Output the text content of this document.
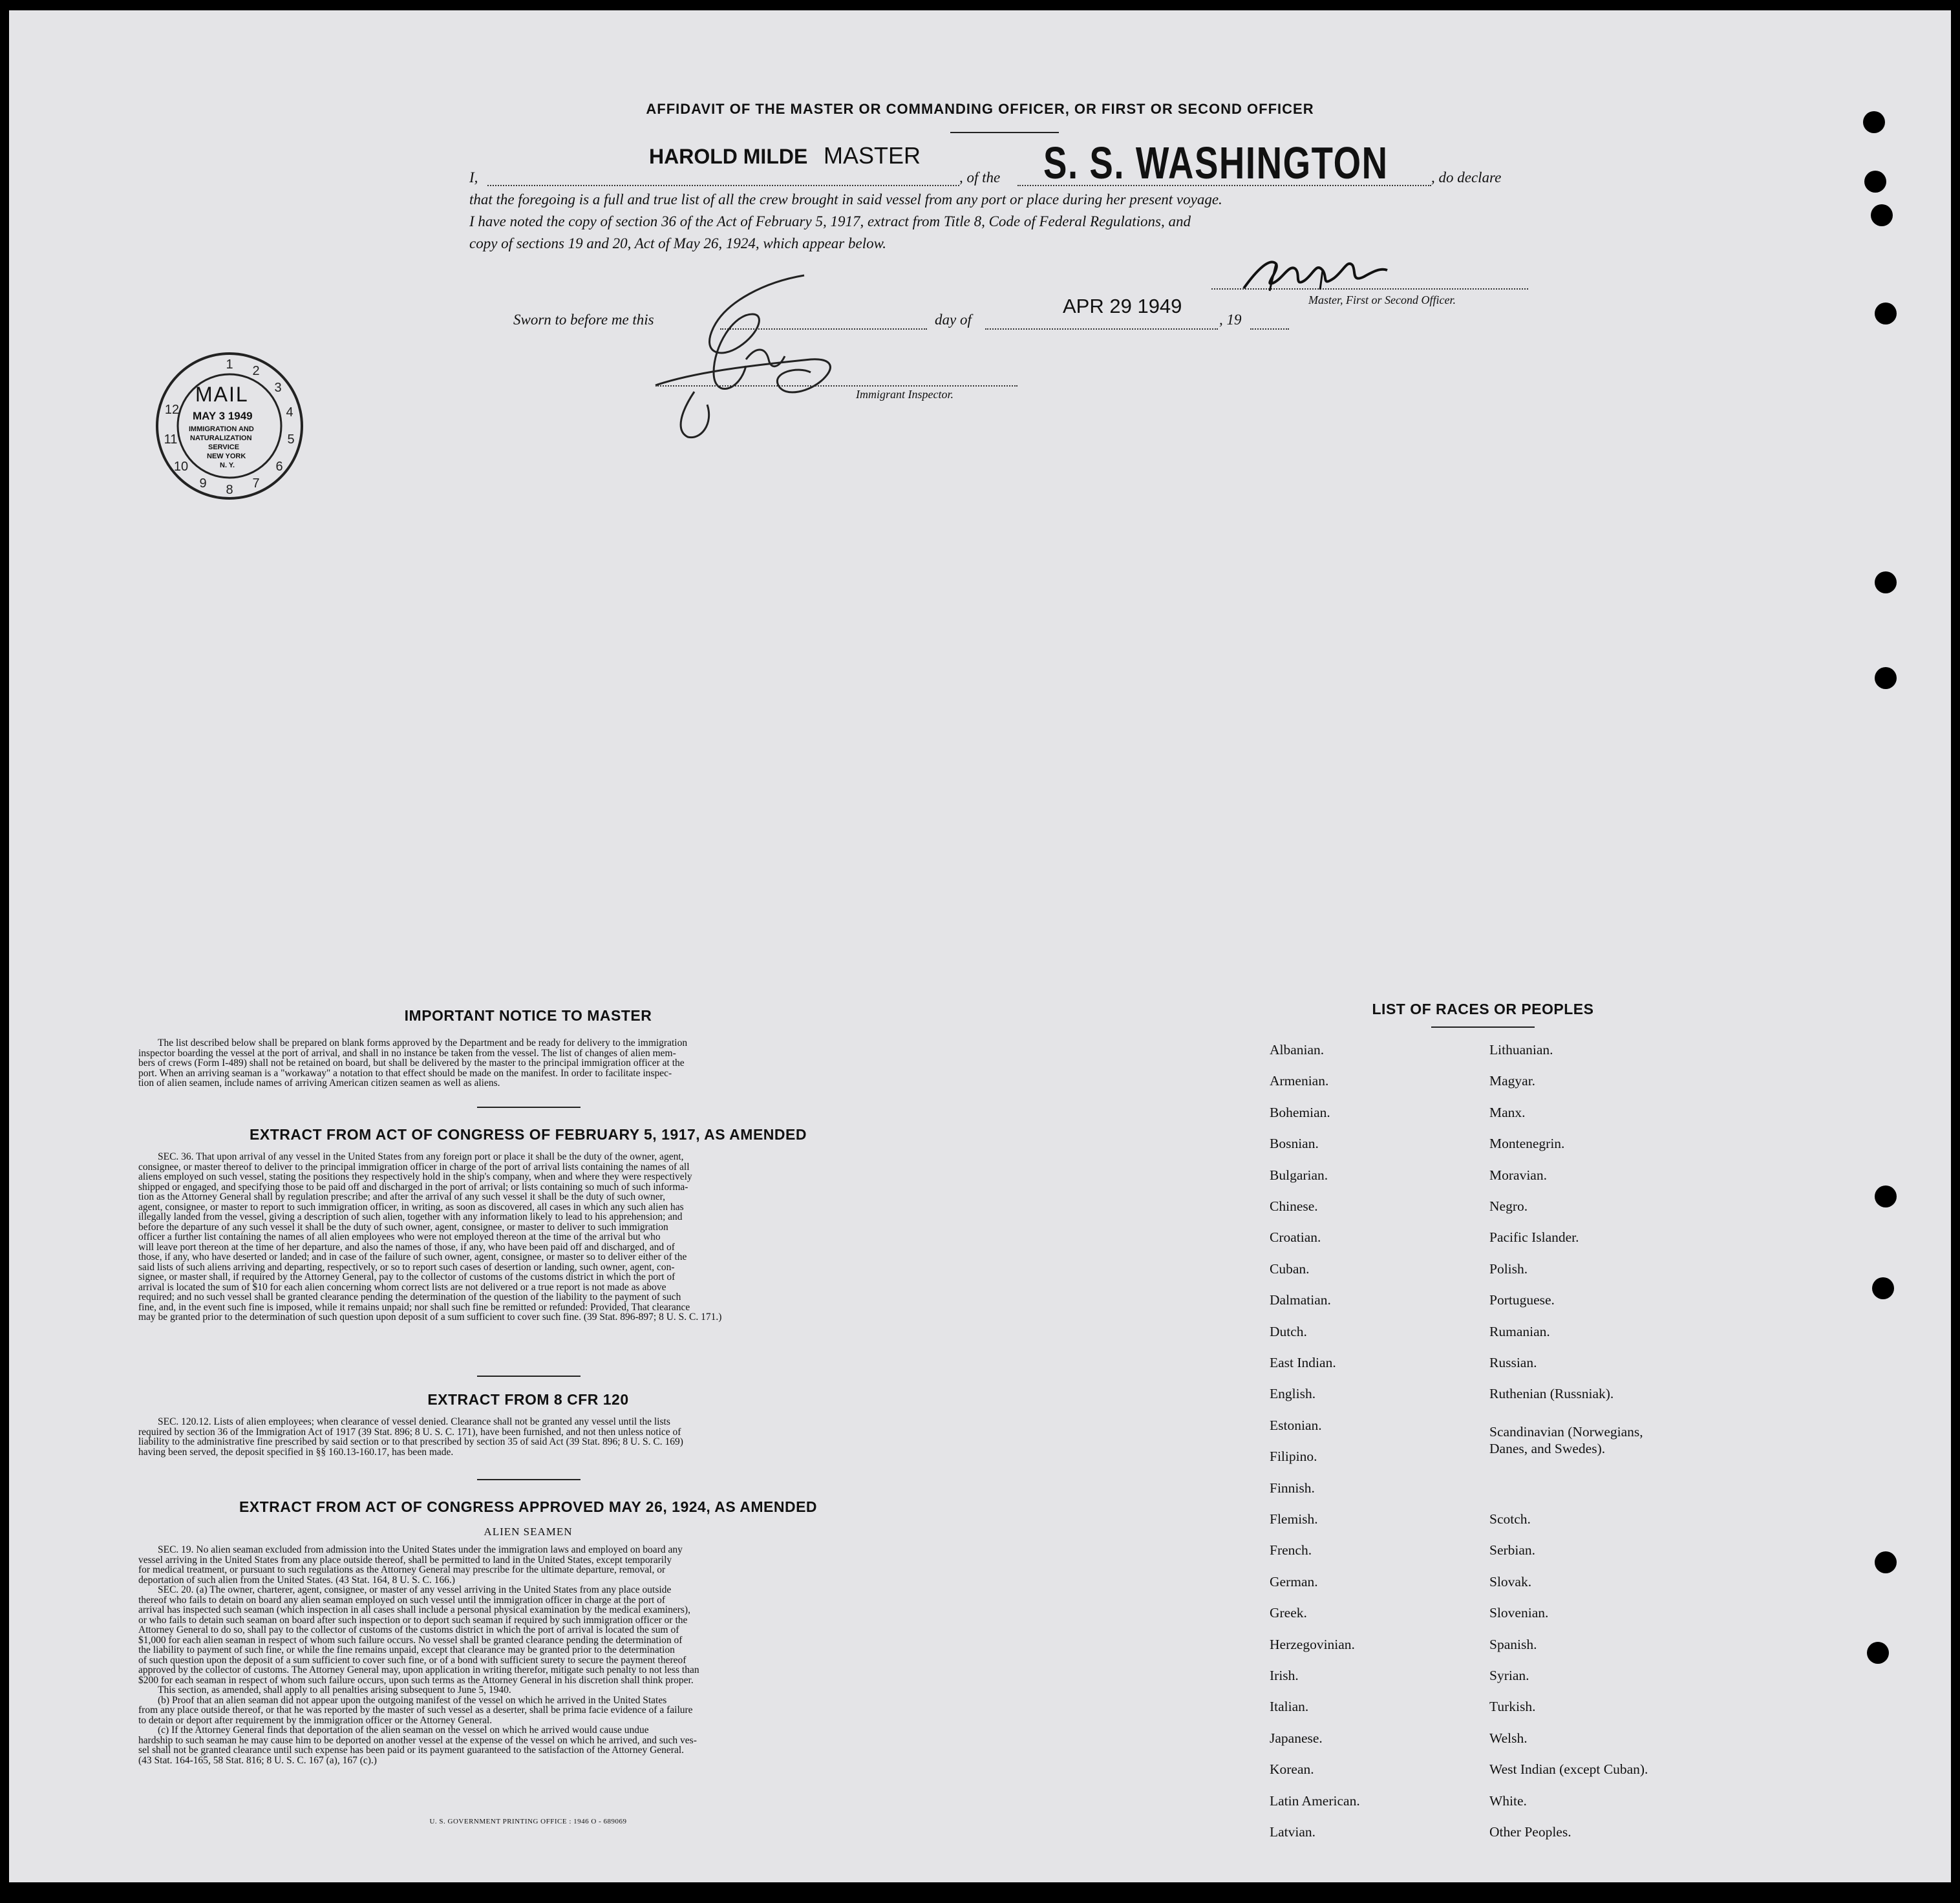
AFFIDAVIT OF THE MASTER OR COMMANDING OFFICER, OR FIRST OR SECOND OFFICER
I,
HAROLD MILDE MASTER
, of the S. S. WASHINGTON	, do declare
that the foregoing is a full and true list of all the crew brought in said vessel from any port or place during her present voyage.
I have noted the copy of section 36 of the Act of February 5, 1917, extract from Title 8, Code of Federal Regulations, and
copy of sections 19 and 20, Act of May 26, 1924, which appear below.
Master, First or Second Officer.
Sworn to before me this	day of
APR 29 1949
, 19
Immigrant Inspector.
1 2
3
4
5
6
7
8
9
10
11
12
MAIL
MAY 3 1949
IMMIGRATION AND
NATURALIZATION
SERVICE
NEW YORK
N. Y.
IMPORTANT NOTICE TO MASTER
The list described below shall be prepared on blank forms approved by the Department and be ready for delivery to the immigration
inspector boarding the vessel at the port of arrival, and shall in no instance be taken from the vessel. The list of changes of alien mem-
bers of crews (Form I-489) shall not be retained on board, but shall be delivered by the master to the principal immigration officer at the
port. When an arriving seaman is a "workaway" a notation to that effect should be made on the manifest. In order to facilitate inspec-
tion of alien seamen, include names of arriving American citizen seamen as well as aliens.
EXTRACT FROM ACT OF CONGRESS OF FEBRUARY 5, 1917, AS AMENDED
SEC. 36. That upon arrival of any vessel in the United States from any foreign port or place it shall be the duty of the owner, agent,
consignee, or master thereof to deliver to the principal immigration officer in charge of the port of arrival lists containing the names of all
aliens employed on such vessel, stating the positions they respectively hold in the ship's company, when and where they were respectively
shipped or engaged, and specifying those to be paid off and discharged in the port of arrival; or lists containing so much of such informa-
tion as the Attorney General shall by regulation prescribe; and after the arrival of any such vessel it shall be the duty of such owner,
agent, consignee, or master to report to such immigration officer, in writing, as soon as discovered, all cases in which any such alien has
illegally landed from the vessel, giving a description of such alien, together with any information likely to lead to his apprehension; and
before the departure of any such vessel it shall be the duty of such owner, agent, consignee, or master to deliver to such immigration
officer a further list containing the names of all alien employees who were not employed thereon at the time of the arrival but who
will leave port thereon at the time of her departure, and also the names of those, if any, who have been paid off and discharged, and of
those, if any, who have deserted or landed; and in case of the failure of such owner, agent, consignee, or master so to deliver either of the
said lists of such aliens arriving and departing, respectively, or so to report such cases of desertion or landing, such owner, agent, con-
signee, or master shall, if required by the Attorney General, pay to the collector of customs of the customs district in which the port of
arrival is located the sum of $10 for each alien concerning whom correct lists are not delivered or a true report is not made as above
required; and no such vessel shall be granted clearance pending the determination of the question of the liability to the payment of such
fine, and, in the event such fine is imposed, while it remains unpaid; nor shall such fine be remitted or refunded: Provided, That clearance
may be granted prior to the determination of such question upon deposit of a sum sufficient to cover such fine. (39 Stat. 896-897; 8 U. S. C. 171.)
EXTRACT FROM 8 CFR 120
SEC. 120.12. Lists of alien employees; when clearance of vessel denied. Clearance shall not be granted any vessel until the lists
required by section 36 of the Immigration Act of 1917 (39 Stat. 896; 8 U. S. C. 171), have been furnished, and not then unless notice of
liability to the administrative fine prescribed by said section or to that prescribed by section 35 of said Act (39 Stat. 896; 8 U. S. C. 169)
having been served, the deposit specified in §§ 160.13-160.17, has been made.
EXTRACT FROM ACT OF CONGRESS APPROVED MAY 26, 1924, AS AMENDED
ALIEN SEAMEN
SEC. 19. No alien seaman excluded from admission into the United States under the immigration laws and employed on board any
vessel arriving in the United States from any place outside thereof, shall be permitted to land in the United States, except temporarily
for medical treatment, or pursuant to such regulations as the Attorney General may prescribe for the ultimate departure, removal, or
deportation of such alien from the United States. (43 Stat. 164, 8 U. S. C. 166.)
SEC. 20. (a) The owner, charterer, agent, consignee, or master of any vessel arriving in the United States from any place outside
thereof who fails to detain on board any alien seaman employed on such vessel until the immigration officer in charge at the port of
arrival has inspected such seaman (which inspection in all cases shall include a personal physical examination by the medical examiners),
or who fails to detain such seaman on board after such inspection or to deport such seaman if required by such immigration officer or the
Attorney General to do so, shall pay to the collector of customs of the customs district in which the port of arrival is located the sum of
$1,000 for each alien seaman in respect of whom such failure occurs. No vessel shall be granted clearance pending the determination of
the liability to payment of such fine, or while the fine remains unpaid, except that clearance may be granted prior to the determination
of such question upon the deposit of a sum sufficient to cover such fine, or of a bond with sufficient surety to secure the payment thereof
approved by the collector of customs. The Attorney General may, upon application in writing therefor, mitigate such penalty to not less than
$200 for each seaman in respect of whom such failure occurs, upon such terms as the Attorney General in his discretion shall think proper.
This section, as amended, shall apply to all penalties arising subsequent to June 5, 1940.
(b) Proof that an alien seaman did not appear upon the outgoing manifest of the vessel on which he arrived in the United States
from any place outside thereof, or that he was reported by the master of such vessel as a deserter, shall be prima facie evidence of a failure
to detain or deport after requirement by the immigration officer or the Attorney General.
(c) If the Attorney General finds that deportation of the alien seaman on the vessel on which he arrived would cause undue
hardship to such seaman he may cause him to be deported on another vessel at the expense of the vessel on which he arrived, and such ves-
sel shall not be granted clearance until such expense has been paid or its payment guaranteed to the satisfaction of the Attorney General.
(43 Stat. 164-165, 58 Stat. 816; 8 U. S. C. 167 (a), 167 (c).)
U. S. GOVERNMENT PRINTING OFFICE : 1946 O - 689069
LIST OF RACES OR PEOPLES
Albanian.
Armenian.
Bohemian.
Bosnian.
Bulgarian.
Chinese.
Croatian.
Cuban.
Dalmatian.
Dutch.
East Indian.
English.
Estonian.
Filipino.
Finnish.
Flemish.
French.
German.
Greek.
Herzegovinian.
Irish.
Italian.
Japanese.
Korean.
Latin American.
Latvian.
Lithuanian.
Magyar.
Manx.
Montenegrin.
Moravian.
Negro.
Pacific Islander.
Polish.
Portuguese.
Rumanian.
Russian.
Ruthenian (Russniak).
Scandinavian (Norwegians,
Danes, and Swedes).
Scotch.
Serbian.
Slovak.
Slovenian.
Spanish.
Syrian.
Turkish.
Welsh.
West Indian (except Cuban).
White.
Other Peoples.
